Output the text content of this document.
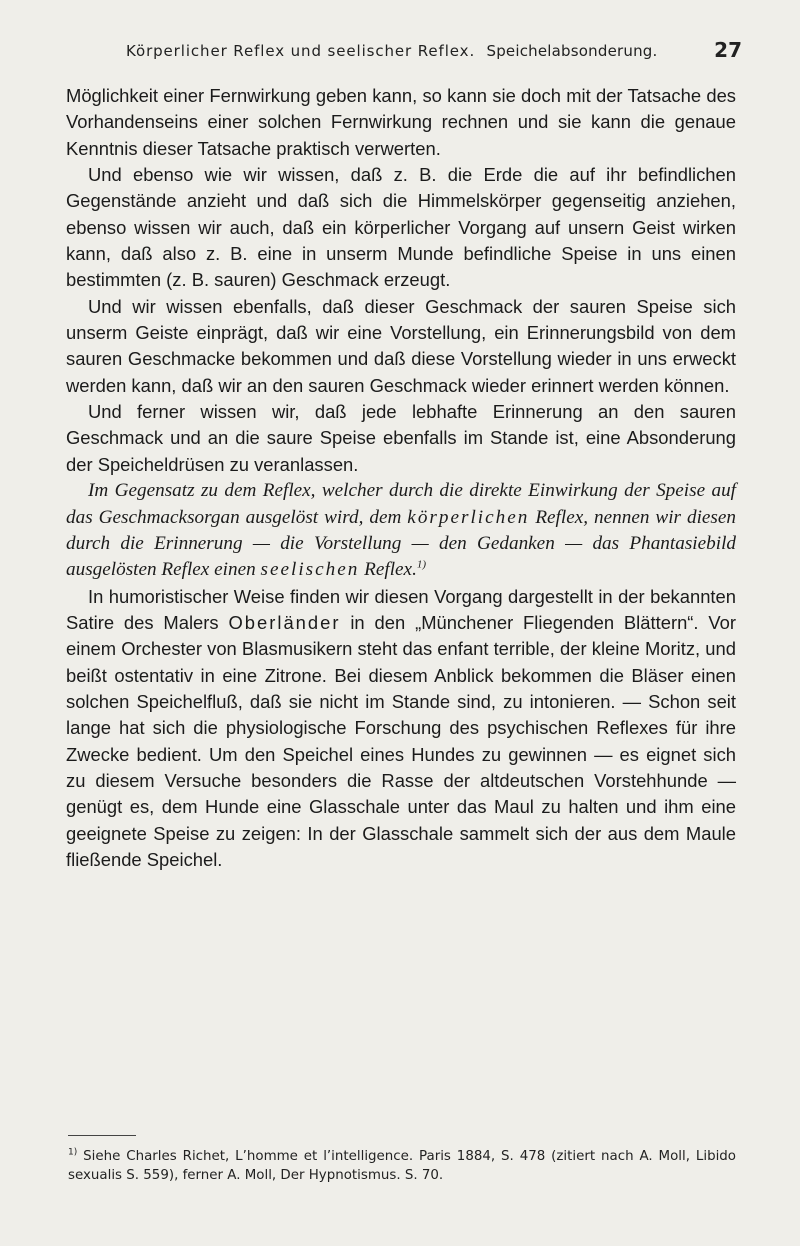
Körperlicher Reflex und seelischer Reflex. Speichelabsonderung.	27

Möglichkeit einer Fernwirkung geben kann, so kann sie doch mit der Tatsache des Vorhandenseins einer solchen Fernwirkung rechnen und sie kann die genaue Kenntnis dieser Tatsache praktisch verwerten.

Und ebenso wie wir wissen, daß z. B. die Erde die auf ihr befindlichen Gegenstände anzieht und daß sich die Himmelskörper gegenseitig anziehen, ebenso wissen wir auch, daß ein körperlicher Vorgang auf unsern Geist wirken kann, daß also z. B. eine in unserm Munde befindliche Speise in uns einen bestimmten (z. B. sauren) Geschmack erzeugt.

Und wir wissen ebenfalls, daß dieser Geschmack der sauren Speise sich unserm Geiste einprägt, daß wir eine Vorstellung, ein Erinnerungsbild von dem sauren Geschmacke bekommen und daß diese Vorstellung wieder in uns erweckt werden kann, daß wir an den sauren Geschmack wieder erinnert werden können.

Und ferner wissen wir, daß jede lebhafte Erinnerung an den sauren Geschmack und an die saure Speise ebenfalls im Stande ist, eine Absonderung der Speicheldrüsen zu veranlassen.

Im Gegensatz zu dem Reflex, welcher durch die direkte Einwirkung der Speise auf das Geschmacksorgan ausgelöst wird, dem körperlichen Reflex, nennen wir diesen durch die Erinnerung — die Vorstellung — den Gedanken — das Phantasiebild ausgelösten Reflex einen seelischen Reflex.$^{1)}$

In humoristischer Weise finden wir diesen Vorgang dargestellt in der bekannten Satire des Malers Oberländer in den „Münchener Fliegenden Blättern“. Vor einem Orchester von Blasmusikern steht das enfant terrible, der kleine Moritz, und beißt ostentativ in eine Zitrone. Bei diesem Anblick bekommen die Bläser einen solchen Speichelfluß, daß sie nicht im Stande sind, zu intonieren. — Schon seit lange hat sich die physiologische Forschung des psychischen Reflexes für ihre Zwecke bedient. Um den Speichel eines Hundes zu gewinnen — es eignet sich zu diesem Versuche besonders die Rasse der altdeutschen Vorstehhunde — genügt es, dem Hunde eine Glasschale unter das Maul zu halten und ihm eine geeignete Speise zu zeigen: In der Glasschale sammelt sich der aus dem Maule fließende Speichel.

$^{1)}$ Siehe Charles Richet, L’homme et l’intelligence. Paris 1884, S. 478 (zitiert nach A. Moll, Libido sexualis S. 559), ferner A. Moll, Der Hypnotismus. S. 70.
